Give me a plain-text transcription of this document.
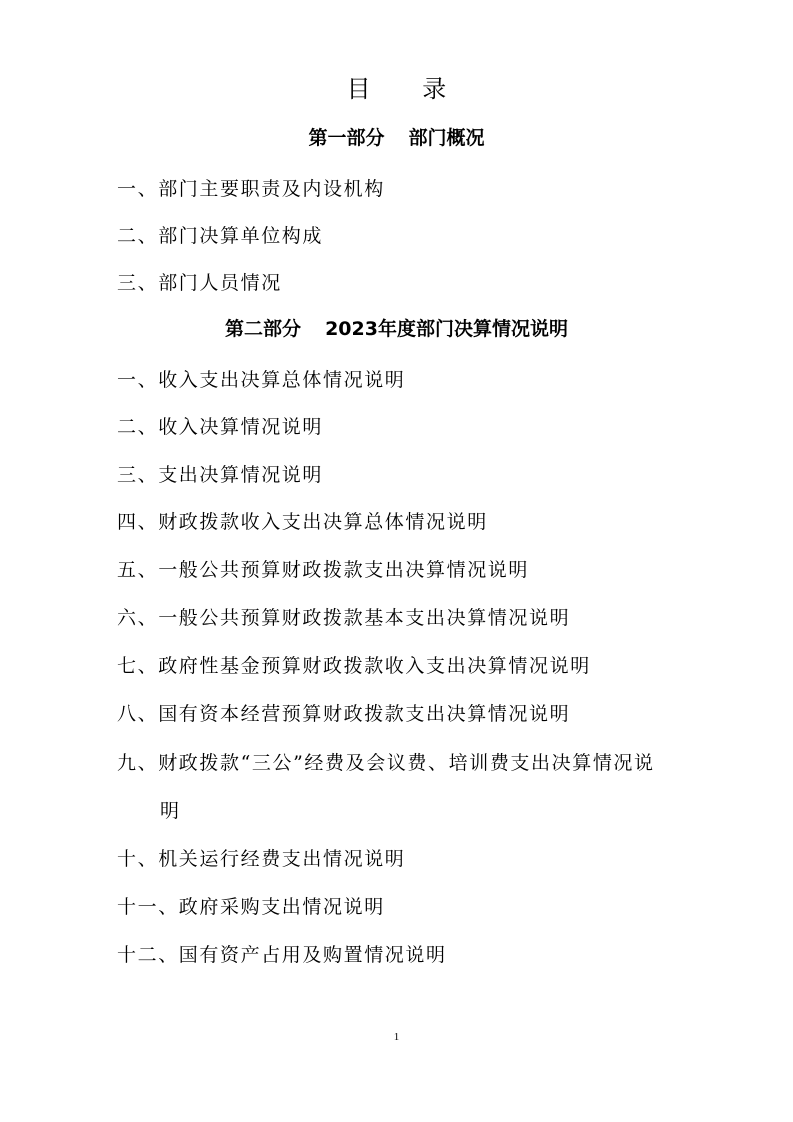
目 录
第一部分 部门概况
一、部门主要职责及内设机构
二、部门决算单位构成
三、部门人员情况
第二部分 2023年度部门决算情况说明
一、收入支出决算总体情况说明
二、收入决算情况说明
三、支出决算情况说明
四、财政拨款收入支出决算总体情况说明
五、一般公共预算财政拨款支出决算情况说明
六、一般公共预算财政拨款基本支出决算情况说明
七、政府性基金预算财政拨款收入支出决算情况说明
八、国有资本经营预算财政拨款支出决算情况说明
九、财政拨款“三公”经费及会议费、培训费支出决算情况说
明
十、机关运行经费支出情况说明
十一、政府采购支出情况说明
十二、国有资产占用及购置情况说明
1
